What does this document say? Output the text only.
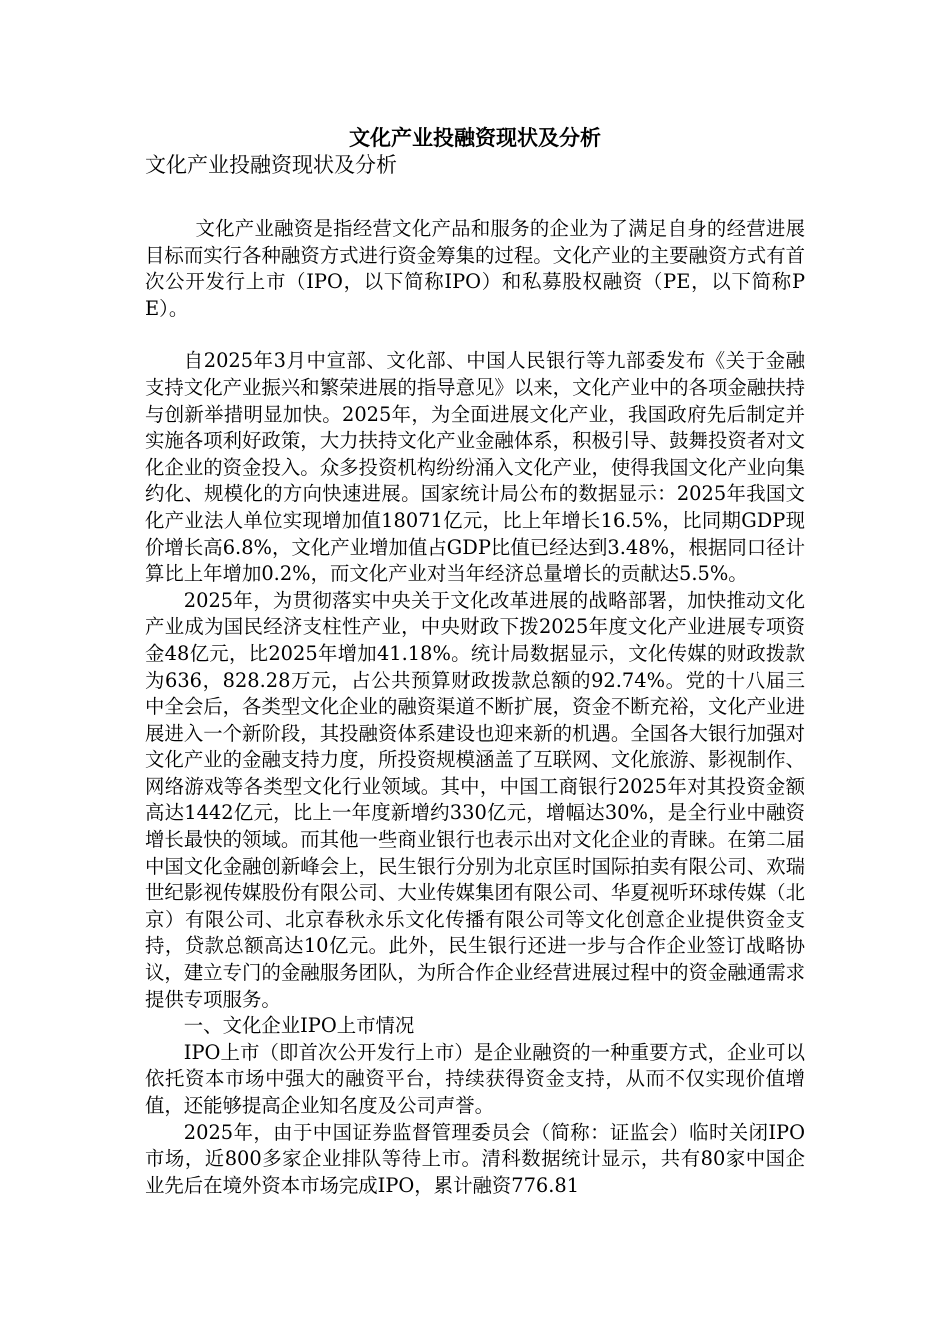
文化产业投融资现状及分析
文化产业投融资现状及分析

文化产业融资是指经营文化产品和服务的企业为了满足自身的经营进展目标而实行各种融资方式进行资金筹集的过程。文化产业的主要融资方式有首次公开发行上市（IPO，以下简称IPO）和私募股权融资（PE，以下简称PE）。

自2025年3月中宣部、文化部、中国人民银行等九部委发布《关于金融支持文化产业振兴和繁荣进展的指导意见》以来，文化产业中的各项金融扶持与创新举措明显加快。2025年，为全面进展文化产业，我国政府先后制定并实施各项利好政策，大力扶持文化产业金融体系，积极引导、鼓舞投资者对文化企业的资金投入。众多投资机构纷纷涌入文化产业，使得我国文化产业向集约化、规模化的方向快速进展。国家统计局公布的数据显示：2025年我国文化产业法人单位实现增加值18071亿元，比上年增长16.5%，比同期GDP现价增长高6.8%，文化产业增加值占GDP比值已经达到3.48%，根据同口径计算比上年增加0.2%，而文化产业对当年经济总量增长的贡献达5.5%。

2025年，为贯彻落实中央关于文化改革进展的战略部署，加快推动文化产业成为国民经济支柱性产业，中央财政下拨2025年度文化产业进展专项资金48亿元，比2025年增加41.18%。统计局数据显示，文化传媒的财政拨款为636，828.28万元，占公共预算财政拨款总额的92.74%。党的十八届三中全会后，各类型文化企业的融资渠道不断扩展，资金不断充裕，文化产业进展进入一个新阶段，其投融资体系建设也迎来新的机遇。全国各大银行加强对文化产业的金融支持力度，所投资规模涵盖了互联网、文化旅游、影视制作、网络游戏等各类型文化行业领域。其中，中国工商银行2025年对其投资金额高达1442亿元，比上一年度新增约330亿元，增幅达30%，是全行业中融资增长最快的领域。而其他一些商业银行也表示出对文化企业的青睐。在第二届中国文化金融创新峰会上，民生银行分别为北京匡时国际拍卖有限公司、欢瑞世纪影视传媒股份有限公司、大业传媒集团有限公司、华夏视听环球传媒（北京）有限公司、北京春秋永乐文化传播有限公司等文化创意企业提供资金支持，贷款总额高达10亿元。此外，民生银行还进一步与合作企业签订战略协议，建立专门的金融服务团队，为所合作企业经营进展过程中的资金融通需求提供专项服务。

一、文化企业IPO上市情况

IPO上市（即首次公开发行上市）是企业融资的一种重要方式，企业可以依托资本市场中强大的融资平台，持续获得资金支持，从而不仅实现价值增值，还能够提高企业知名度及公司声誉。

2025年，由于中国证券监督管理委员会（简称：证监会）临时关闭IPO市场，近800多家企业排队等待上市。清科数据统计显示，共有80家中国企业先后在境外资本市场完成IPO，累计融资776.81
